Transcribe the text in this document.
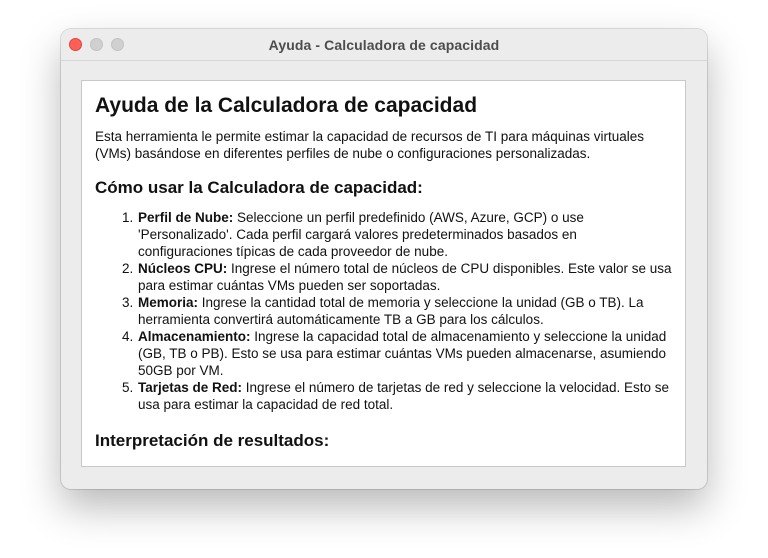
Ayuda - Calculadora de capacidad
Ayuda de la Calculadora de capacidad

Esta herramienta le permite estimar la capacidad de recursos de TI para máquinas virtuales (VMs) basándose en diferentes perfiles de nube o configuraciones personalizadas.

Cómo usar la Calculadora de capacidad:
1. Perfil de Nube: Seleccione un perfil predefinido (AWS, Azure, GCP) o use 'Personalizado'. Cada perfil cargará valores predeterminados basados en configuraciones típicas de cada proveedor de nube.
2. Núcleos CPU: Ingrese el número total de núcleos de CPU disponibles. Este valor se usa para estimar cuántas VMs pueden ser soportadas.
3. Memoria: Ingrese la cantidad total de memoria y seleccione la unidad (GB o TB). La herramienta convertirá automáticamente TB a GB para los cálculos.
4. Almacenamiento: Ingrese la capacidad total de almacenamiento y seleccione la unidad (GB, TB o PB). Esto se usa para estimar cuántas VMs pueden almacenarse, asumiendo 50GB por VM.
5. Tarjetas de Red: Ingrese el número de tarjetas de red y seleccione la velocidad. Esto se usa para estimar la capacidad de red total.
Interpretación de resultados:
